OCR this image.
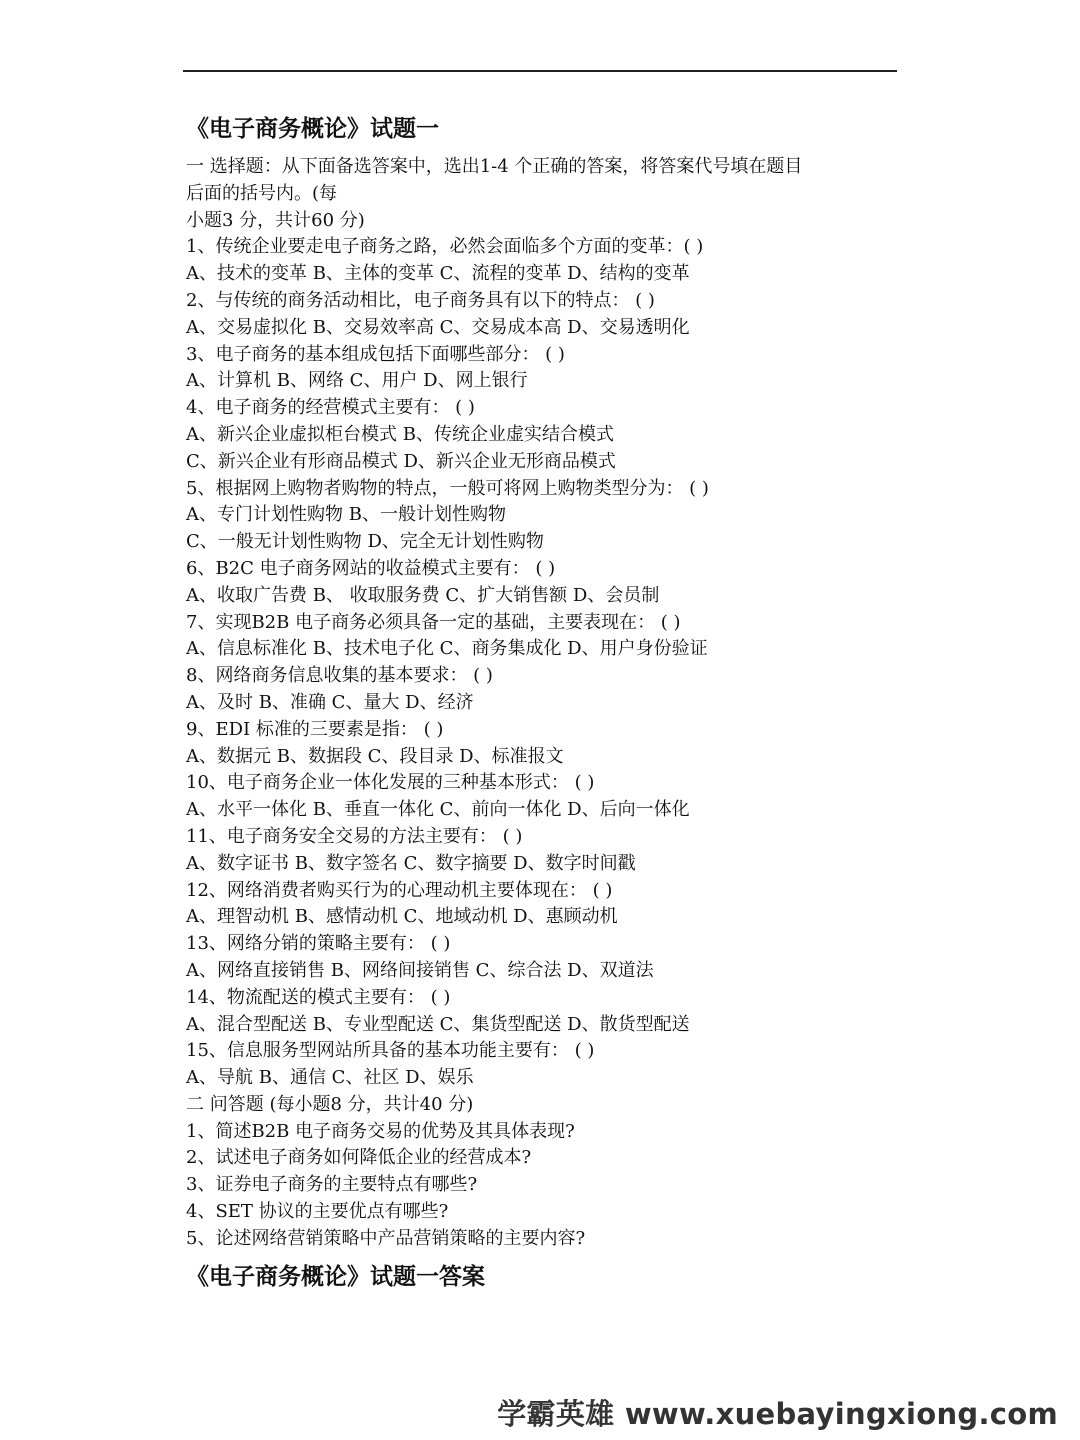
《电子商务概论》试题一

一 选择题：从下面备选答案中，选出1-4 个正确的答案，将答案代号填在题目

后面的括号内。(每

小题3 分，共计60 分)

1、传统企业要走电子商务之路，必然会面临多个方面的变革：( )

A、技术的变革 B、主体的变革 C、流程的变革 D、结构的变革

2、与传统的商务活动相比，电子商务具有以下的特点： ( )

A、交易虚拟化 B、交易效率高 C、交易成本高 D、交易透明化

3、电子商务的基本组成包括下面哪些部分： ( )

A、计算机 B、网络 C、用户 D、网上银行

4、电子商务的经营模式主要有： ( )

A、新兴企业虚拟柜台模式 B、传统企业虚实结合模式

C、新兴企业有形商品模式 D、新兴企业无形商品模式

5、根据网上购物者购物的特点，一般可将网上购物类型分为： ( )

A、专门计划性购物 B、一般计划性购物

C、一般无计划性购物 D、完全无计划性购物

6、B2C 电子商务网站的收益模式主要有： ( )

A、收取广告费 B、 收取服务费 C、扩大销售额 D、会员制

7、实现B2B 电子商务必须具备一定的基础，主要表现在： ( )

A、信息标准化 B、技术电子化 C、商务集成化 D、用户身份验证

8、网络商务信息收集的基本要求： ( )

A、及时 B、准确 C、量大 D、经济

9、EDI 标准的三要素是指： ( )

A、数据元 B、数据段 C、段目录 D、标准报文

10、电子商务企业一体化发展的三种基本形式： ( )

A、水平一体化 B、垂直一体化 C、前向一体化 D、后向一体化

11、电子商务安全交易的方法主要有： ( )

A、数字证书 B、数字签名 C、数字摘要 D、数字时间戳

12、网络消费者购买行为的心理动机主要体现在： ( )

A、理智动机 B、感情动机 C、地域动机 D、惠顾动机

13、网络分销的策略主要有： ( )

A、网络直接销售 B、网络间接销售 C、综合法 D、双道法

14、物流配送的模式主要有： ( )

A、混合型配送 B、专业型配送 C、集货型配送 D、散货型配送

15、信息服务型网站所具备的基本功能主要有： ( )

A、导航 B、通信 C、社区 D、娱乐

二 问答题 (每小题8 分，共计40 分)

1、简述B2B 电子商务交易的优势及其具体表现?

2、试述电子商务如何降低企业的经营成本?

3、证券电子商务的主要特点有哪些?

4、SET 协议的主要优点有哪些?

5、论述网络营销策略中产品营销策略的主要内容?

《电子商务概论》试题一答案
学霸英雄 www.xuebayingxiong.com
